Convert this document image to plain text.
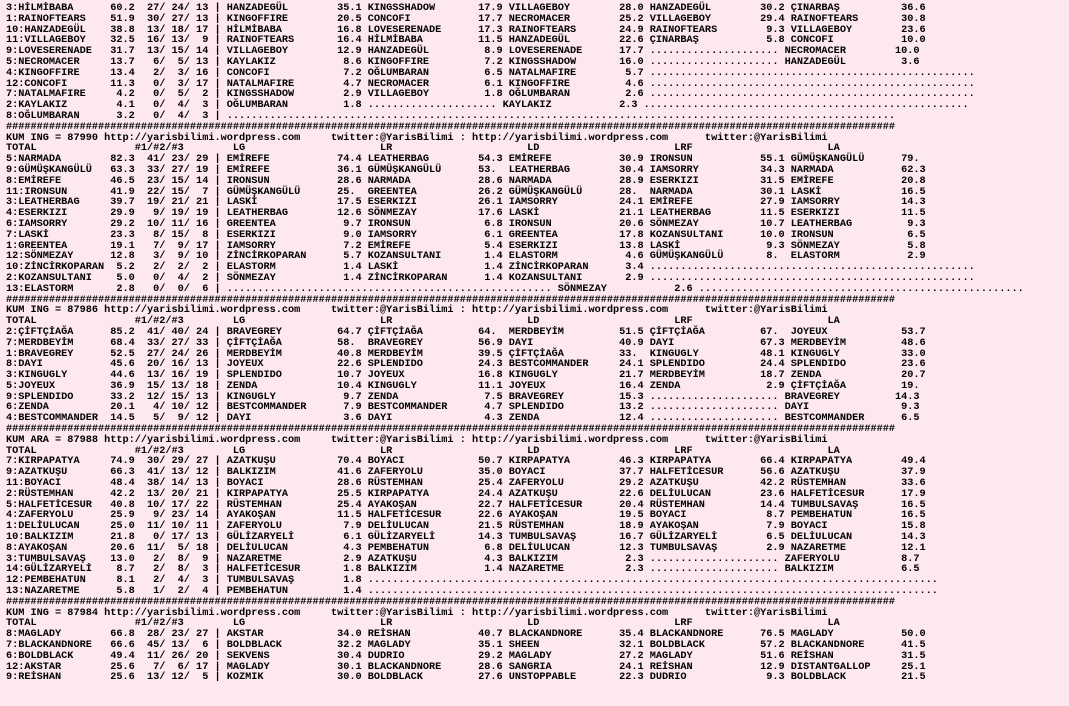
3:HİLMİBABA      60.2  27/ 24/ 13 | HANZADEGÜL        35.1 KINGSSHADOW       17.9 VILLAGEBOY        28.0 HANZADEGÜL        30.2 ÇINARBAŞ          36.6
1:RAINOFTEARS    51.9  30/ 27/ 13 | KINGOFFIRE        20.5 CONCOFI           17.7 NECROMACER        25.2 VILLAGEBOY        29.4 RAINOFTEARS       30.8
10:HANZADEGÜL    38.8  13/ 18/ 17 | HİLMİBABA         16.8 LOVESERENADE      17.3 RAINOFTEARS       24.9 RAINOFTEARS        9.3 VILLAGEBOY        23.6
11:VILLAGEBOY    32.5  16/ 13/  9 | RAINOFTEARS       16.4 HİLMİBABA         11.5 HANZADEGÜL        22.6 ÇINARBAŞ           5.8 CONCOFI           10.0
9:LOVESERENADE   31.7  13/ 15/ 14 | VILLAGEBOY        12.9 HANZADEGÜL         8.9 LOVESERENADE      17.7 ..................... NECROMACER        10.0
5:NECROMACER     13.7   6/  5/ 13 | KAYLAKIZ           8.6 KINGOFFIRE         7.2 KINGSSHADOW       16.0 ..................... HANZADEGÜL         3.6
4:KINGOFFIRE     13.4   2/  3/ 16 | CONCOFI            7.2 OĞLUMBARAN         6.5 NATALMAFIRE        5.7 .....................................................
12:CONCOFI       11.3   0/  3/ 17 | NATALMAFIRE        4.7 NECROMACER         6.1 KINGOFFIRE         4.6 .....................................................
7:NATALMAFIRE     4.2   0/  5/  2 | KINGSSHADOW        2.9 VILLAGEBOY         1.8 OĞLUMBARAN         2.6 .....................................................
2:KAYLAKIZ        4.1   0/  4/  3 | OĞLUMBARAN         1.8 ..................... KAYLAKIZ           2.3 .....................................................
8:OĞLUMBARAN      3.2   0/  4/  3 | .............................................................................................................
#################################################################################################################################################
KUM ING = 87990 http://yarisbilimi.wordpress.com     twitter:@YarisBilimi : http://yarisbilimi.wordpress.com      twitter:@YarisBilimi
TOTAL                #1/#2/#3        LG                      LR                      LD                      LRF                      LA
5:NARMADA        82.3  41/ 23/ 29 | EMİREFE           74.4 LEATHERBAG        54.3 EMİREFE           30.9 IRONSUN           55.1 GÜMÜŞKANGÜLÜ      79.
9:GÜMÜŞKANGÜLÜ   63.3  33/ 27/ 19 | EMİREFE           36.1 GÜMÜŞKANGÜLÜ      53.  LEATHERBAG        30.4 IAMSORRY          34.3 NARMADA           62.3
8:EMİREFE        46.5  23/ 15/ 14 | IRONSUN           28.6 NARMADA           28.6 NARMADA           28.9 ESERKIZI          31.5 EMİREFE           20.8
11:IRONSUN       41.9  22/ 15/  7 | GÜMÜŞKANGÜLÜ      25.  GREENTEA          26.2 GÜMÜŞKANGÜLÜ      28.  NARMADA           30.1 LASKİ             16.5
3:LEATHERBAG     39.7  19/ 21/ 21 | LASKİ             17.5 ESERKIZI          26.1 IAMSORRY          24.1 EMİREFE           27.9 IAMSORRY          14.3
4:ESERKIZI       29.9   9/ 19/ 19 | LEATHERBAG        12.6 SÖNMEZAY          17.6 LASKİ             21.1 LEATHERBAG        11.5 ESERKIZI          11.5
6:IAMSORRY       29.2  10/ 11/ 16 | GREENTEA           9.7 IRONSUN            6.8 IRONSUN           20.6 SÖNMEZAY          10.7 LEATHERBAG         9.3
7:LASKİ          23.3   8/ 15/  8 | ESERKIZI           9.0 IAMSORRY           6.1 GREENTEA          17.8 KOZANSULTANI      10.0 IRONSUN            6.5
1:GREENTEA       19.1   7/  9/ 17 | IAMSORRY           7.2 EMİREFE            5.4 ESERKIZI          13.8 LASKİ              9.3 SÖNMEZAY           5.8
12:SÖNMEZAY      12.8   3/  9/ 10 | ZİNCİRKOPARAN      5.7 KOZANSULTANI       1.4 ELASTORM           4.6 GÜMÜŞKANGÜLÜ       8.  ELASTORM           2.9
10:ZİNCİRKOPARAN  5.2   2/  2/  2 | ELASTORM           1.4 LASKİ              1.4 ZİNCİRKOPARAN      3.4 .....................................................
2:KOZANSULTANI    5.0   0/  4/  2 | SÖNMEZAY           1.4 ZİNCİRKOPARAN      1.4 KOZANSULTANI       2.9 .....................................................
13:ELASTORM       2.8   0/  0/  6 | ..................................................... SÖNMEZAY           2.6 .....................................................
#################################################################################################################################################
KUM ING = 87986 http://yarisbilimi.wordpress.com     twitter:@YarisBilimi : http://yarisbilimi.wordpress.com      twitter:@YarisBilimi
TOTAL                #1/#2/#3        LG                      LR                      LD                      LRF                      LA
2:ÇİFTÇİAĞA      85.2  41/ 40/ 24 | BRAVEGREY         64.7 ÇİFTÇİAĞA         64.  MERDBEYİM         51.5 ÇİFTÇİAĞA         67.  JOYEUX            53.7
7:MERDBEYİM      68.4  33/ 27/ 33 | ÇİFTÇİAĞA         58.  BRAVEGREY         56.9 DAYI              40.9 DAYI              67.3 MERDBEYİM         48.6
1:BRAVEGREY      52.5  27/ 24/ 26 | MERDBEYİM         40.8 MERDBEYİM         39.5 ÇİFTÇİAĞA         33.  KINGUGLY          48.1 KINGUGLY          33.0
8:DAYI           45.6  20/ 16/ 13 | JOYEUX            22.6 SPLENDIDO         24.3 BESTCOMMANDER     24.1 SPLENDIDO         24.4 SPLENDIDO         23.6
3:KINGUGLY       44.6  13/ 16/ 19 | SPLENDIDO         10.7 JOYEUX            16.8 KINGUGLY          21.7 MERDBEYİM         18.7 ZENDA             20.7
5:JOYEUX         36.9  15/ 13/ 18 | ZENDA             10.4 KINGUGLY          11.1 JOYEUX            16.4 ZENDA              2.9 ÇİFTÇİAĞA         19.
9:SPLENDIDO      33.2  12/ 15/ 13 | KINGUGLY           9.7 ZENDA              7.5 BRAVEGREY         15.3 ..................... BRAVEGREY         14.3
6:ZENDA          20.1   4/ 10/ 12 | BESTCOMMANDER      7.9 BESTCOMMANDER      4.7 SPLENDIDO         13.2 ..................... DAYI               9.3
4:BESTCOMMANDER  14.5   5/  9/ 12 | DAYI               3.6 DAYI               4.3 ZENDA             12.4 ..................... BESTCOMMANDER      6.5
#################################################################################################################################################
KUM ARA = 87988 http://yarisbilimi.wordpress.com     twitter:@YarisBilimi : http://yarisbilimi.wordpress.com      twitter:@YarisBilimi
TOTAL                #1/#2/#3        LG                      LR                      LD                      LRF                      LA
7:KIRPAPATYA     74.9  30/ 29/ 27 | AZATKUŞU          70.4 BOYACI            50.7 KIRPAPATYA        46.3 KIRPAPATYA        66.4 KIRPAPATYA        49.4
9:AZATKUŞU       66.3  41/ 13/ 12 | BALKIZIM          41.6 ZAFERYOLU         35.0 BOYACI            37.7 HALFETİCESUR      56.6 AZATKUŞU          37.9
11:BOYACI        48.4  38/ 14/ 13 | BOYACI            28.6 RÜSTEMHAN         25.4 ZAFERYOLU         29.2 AZATKUŞU          42.2 RÜSTEMHAN         33.6
2:RÜSTEMHAN      42.2  13/ 20/ 21 | KIRPAPATYA        25.5 KIRPAPATYA        24.4 AZATKUŞU          22.6 DELİULUCAN        23.6 HALFETİCESUR      17.9
5:HALFETİCESUR   40.8  10/ 17/ 22 | RÜSTEMHAN         25.4 AYAKOŞAN          22.7 HALFETİCESUR      20.4 RÜSTEMHAN         14.4 TUMBULSAVAŞ       16.5
4:ZAFERYOLU      25.9   9/ 23/ 14 | AYAKOŞAN          11.5 HALFETİCESUR      22.6 AYAKOŞAN          19.5 BOYACI             8.7 PEMBEHATUN        16.5
1:DELİULUCAN     25.0  11/ 10/ 11 | ZAFERYOLU          7.9 DELİULUCAN        21.5 RÜSTEMHAN         18.9 AYAKOŞAN           7.9 BOYACI            15.8
10:BALKIZIM      21.8   0/ 17/ 13 | GÜLİZARYELİ        6.1 GÜLİZARYELİ       14.3 TUMBULSAVAŞ       16.7 GÜLİZARYELİ        6.5 DELİULUCAN        14.3
8:AYAKOŞAN       20.6  11/  5/ 18 | DELİULUCAN         4.3 PEMBEHATUN         6.8 DELİULUCAN        12.3 TUMBULSAVAŞ        2.9 NAZARETME         12.1
3:TUMBULSAVAŞ    13.0   2/  8/  9 | NAZARETME          2.9 AZATKUŞU           4.3 BALKIZIM           2.3 ..................... ZAFERYOLU          8.7
14:GÜLİZARYELİ    8.7   2/  8/  3 | HALFETİCESUR       1.8 BALKIZIM           1.4 NAZARETME          2.3 ..................... BALKIZIM           6.5
12:PEMBEHATUN     8.1   2/  4/  3 | TUMBULSAVAŞ        1.8 .............................................................................................
13:NAZARETME      5.8   1/  2/  4 | PEMBEHATUN         1.4 .............................................................................................
#################################################################################################################################################
KUM ING = 87984 http://yarisbilimi.wordpress.com     twitter:@YarisBilimi : http://yarisbilimi.wordpress.com      twitter:@YarisBilimi
TOTAL                #1/#2/#3        LG                      LR                      LD                      LRF                      LA
8:MAGLADY        66.8  28/ 23/ 27 | AKSTAR            34.0 REİSHAN           40.7 BLACKANDNORE      35.4 BLACKANDNORE      76.5 MAGLADY           50.0
7:BLACKANDNORE   66.6  45/ 13/  6 | BOLDBLACK         32.2 MAGLADY           35.1 SHEEN             32.1 BOLDBLACK         57.2 BLACKANDNORE      41.5
6:BOLDBLACK      49.4  11/ 26/ 20 | SEKVENS           30.4 DUDRIO            29.2 MAGLADY           27.2 MAGLADY           51.6 REİSHAN           31.5
12:AKSTAR        25.6   7/  6/ 17 | MAGLADY           30.1 BLACKANDNORE      28.6 SANGRIA           24.1 REİSHAN           12.9 DISTANTGALLOP     25.1
9:REİSHAN        25.6  13/ 12/  5 | KOZMIK            30.0 BOLDBLACK         27.6 UNSTOPPABLE       22.3 DUDRIO             9.3 BOLDBLACK         21.5
